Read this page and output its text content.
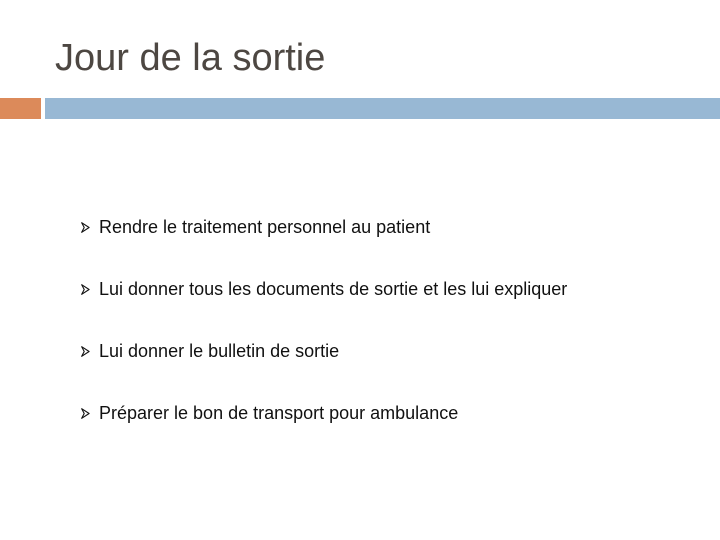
Jour de la sortie
Rendre le traitement personnel au patient
Lui donner tous les documents de sortie et les lui expliquer
Lui donner le bulletin de sortie
Préparer le bon de transport pour ambulance
